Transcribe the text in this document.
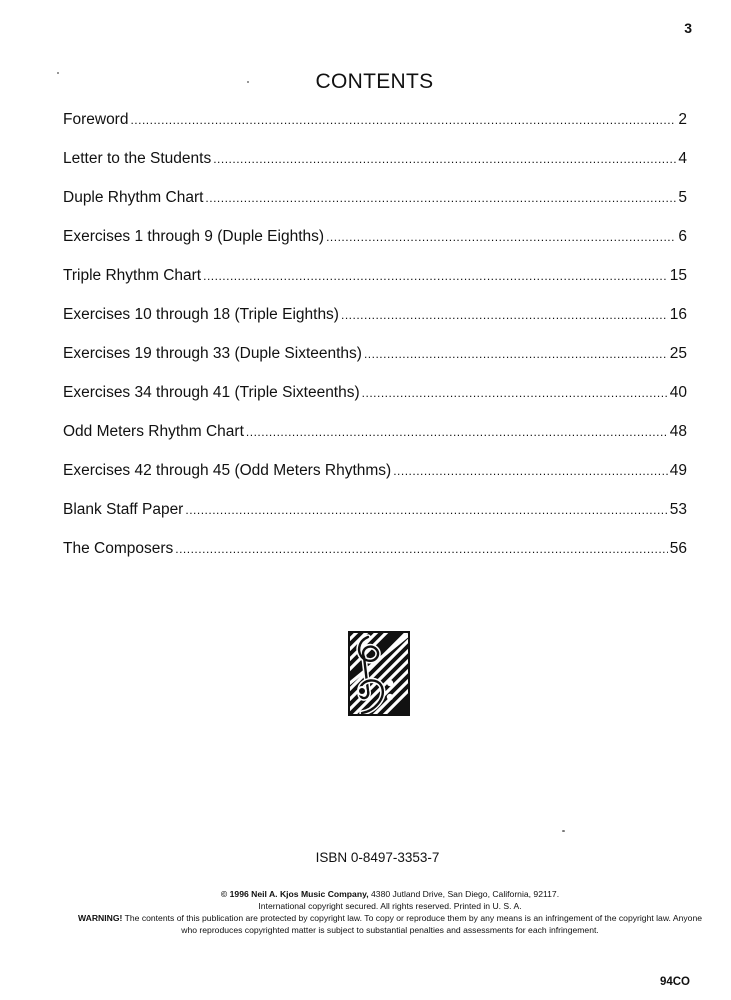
3
CONTENTS
Foreword .....	2
Letter to the Students .....	4
Duple Rhythm Chart .....	5
Exercises 1 through 9 (Duple Eighths) .....	6
Triple Rhythm Chart .....	15
Exercises 10 through 18 (Triple Eighths) .....	16
Exercises 19 through 33 (Duple Sixteenths) .....	25
Exercises 34 through 41 (Triple Sixteenths) .....	40
Odd Meters Rhythm Chart .....	48
Exercises 42 through 45 (Odd Meters Rhythms) .....	49
Blank Staff Paper .....	53
The Composers .....	56
ISBN 0-8497-3353-7
© 1996 Neil A. Kjos Music Company, 4380 Jutland Drive, San Diego, California, 92117.
International copyright secured. All rights reserved. Printed in U. S. A.
WARNING! The contents of this publication are protected by copyright law. To copy or reproduce them by any means is an infringement of the copyright law. Anyone who reproduces copyrighted matter is subject to substantial penalties and assessments for each infringement.
94CO
